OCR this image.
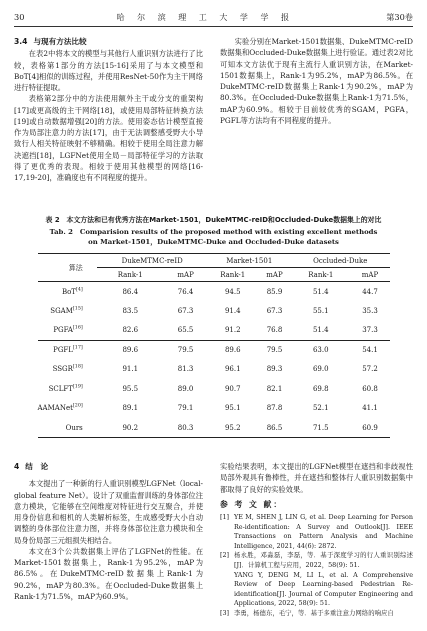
30	哈 尔 滨 理 工 大 学 学 报	第30卷
3.4 与现有方法比较

在表2中将本文的模型与其他行人重识别方法进行了比较，表格第1部分的方法[15-16]采用了与本文模型和BoT[4]相似的训练过程，并使用ResNet-50作为主干网络进行特征提取。

表格第2部分中的方法使用额外主干或分支的重架构[17]或更高级的主干网络[18]，或使用局部特征转换方法[19]或自动数据增强[20]的方法。使用姿态估计模型直接作为局部注意力的方法[17]，由于无法调整感受野大小导致行人相关特征映射不够精确。相较于使用全局注意力解决遮挡[18]，LGFNet使用全局－局部特征学习的方法取得了更优秀的表现。相较于使用其他模型的网络[16-17,19-20]，准确度也有不同程度的提升。

实验分别在Market-1501数据集、DukeMTMC-reID数据集和Occluded-Duke数据集上进行验证。通过表2对比可知本文方法优于现有主流行人重识别方法，在Market-1501数据集上，Rank-1为95.2%，mAP为86.5%。在DukeMTMC-reID数据集上Rank-1为90.2%，mAP为80.3%。在Occluded-Duke数据集上Rank-1为71.5%，mAP为60.9%。相较于目前较优秀的SGAM，PGFA，PGFL等方法均有不同程度的提升。

表 2　本文方法和已有优秀方法在Market-1501，DukeMTMC-reID和Occluded-Duke数据集上的对比
Tab. 2　Comparision results of the proposed method with existing excellent methods
on Market-1501，DukeMTMC-Duke and Occluded-Duke datasets
算法	DukeMTMC-reID		Market-1501		Occluded-Duke	
	Rank-1	mAP	Rank-1	mAP	Rank-1	mAP
BoT[4]	86.4	76.4	94.5	85.9	51.4	44.7
SGAM[15]	83.5	67.3	91.4	67.3	55.1	35.3
PGFA[16]	82.6	65.5	91.2	76.8	51.4	37.3
PGFL[17]	89.6	79.5	89.6	79.5	63.0	54.1
SSGR[18]	91.1	81.3	96.1	89.3	69.0	57.2
SCLFT[19]	95.5	89.0	90.7	82.1	69.8	60.8
AAMANet[20]	89.1	79.1	95.1	87.8	52.1	41.1
Ours	90.2	80.3	95.2	86.5	71.5	60.9
4 结　论

本文提出了一种新的行人重识别模型LGFNet（local-global feature Net）。设计了双重监督训练的身体部位注意力模块，它能够在空间维度对特征进行交互聚合，并使用身份信息和相机的人类解析标签，生成感受野大小自动调整的身体部位注意力图，并将身体部位注意力模块和全局身份局部三元组损失相结合。

本文在3个公共数据集上评估了LGFNet的性能。在Market-1501数据集上，Rank-1为95.2%，mAP为86.5%。在DukeMTMC-reID数据集上Rank-1为90.2%，mAP为80.3%。在Occluded-Duke数据集上Rank-1为71.5%，mAP为60.9%。

实验结果表明，本文提出的LGFNet模型在遮挡和非歧视性局部外观具有鲁棒性，并在遮挡和整体行人重识别数据集中都取得了良好的实验效果。

参 考 文 献：
[1] YE M, SHEN J, LIN G, et al. Deep Learning for Person Re-identification: A Survey and Outlook[J]. IEEE Transactions on Pattern Analysis and Machine Intelligence, 2021, 44(6): 2872.
[2] 杨永胜，邓淼磊，李磊，等．基于深度学习的行人重识别综述[J]．计算机工程与应用，2022，58(9): 51.
YANG Y, DENG M, LI L, et al. A Comprehensive Review of Deep Learning-based Pedestrian Re-identification[J]. Journal of Computer Engineering and Applications, 2022, 58(9): 51.
[3] 李勇，杨德东，毛宁，等．基于多重注意力网络的响应自
